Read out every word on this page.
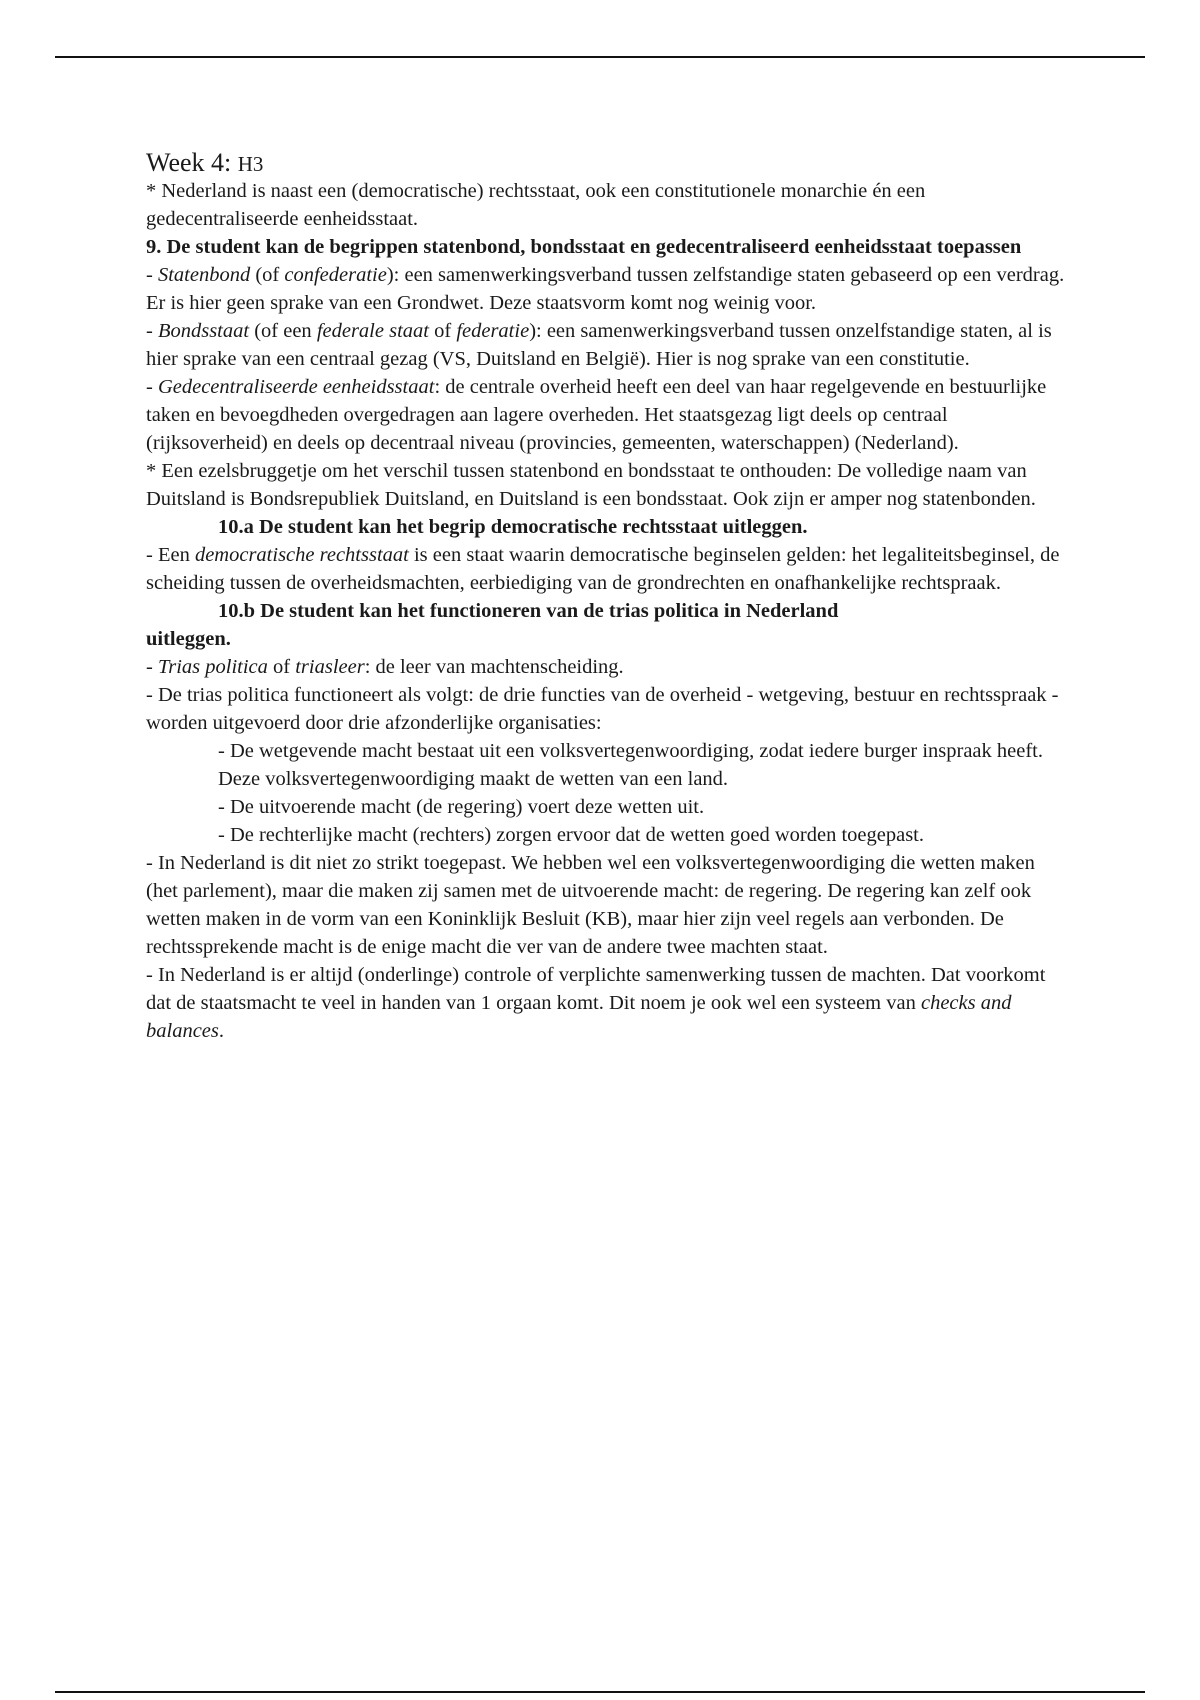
Week 4: H3

* Nederland is naast een (democratische) rechtsstaat, ook een constitutionele monarchie én een gedecentraliseerde eenheidsstaat.

9. De student kan de begrippen statenbond, bondsstaat en gedecentraliseerd eenheidsstaat toepassen

- Statenbond (of confederatie): een samenwerkingsverband tussen zelfstandige staten gebaseerd op een verdrag. Er is hier geen sprake van een Grondwet. Deze staatsvorm komt nog weinig voor.

- Bondsstaat (of een federale staat of federatie): een samenwerkingsverband tussen onzelfstandige staten, al is hier sprake van een centraal gezag (VS, Duitsland en België). Hier is nog sprake van een constitutie.

- Gedecentraliseerde eenheidsstaat: de centrale overheid heeft een deel van haar regelgevende en bestuurlijke taken en bevoegdheden overgedragen aan lagere overheden. Het staatsgezag ligt deels op centraal (rijksoverheid) en deels op decentraal niveau (provincies, gemeenten, waterschappen) (Nederland).

* Een ezelsbruggetje om het verschil tussen statenbond en bondsstaat te onthouden: De volledige naam van Duitsland is Bondsrepubliek Duitsland, en Duitsland is een bondsstaat. Ook zijn er amper nog statenbonden.

10.a De student kan het begrip democratische rechtsstaat uitleggen.

- Een democratische rechtsstaat is een staat waarin democratische beginselen gelden: het legaliteitsbeginsel, de scheiding tussen de overheidsmachten, eerbiediging van de grondrechten en onafhankelijke rechtspraak.

10.b De student kan het functioneren van de trias politica in Nederland
uitleggen.

- Trias politica of triasleer: de leer van machtenscheiding.

- De trias politica functioneert als volgt: de drie functies van de overheid - wetgeving, bestuur en rechtsspraak - worden uitgevoerd door drie afzonderlijke organisaties:

- De wetgevende macht bestaat uit een volksvertegenwoordiging, zodat iedere burger inspraak heeft. Deze volksvertegenwoordiging maakt de wetten van een land.

- De uitvoerende macht (de regering) voert deze wetten uit.

- De rechterlijke macht (rechters) zorgen ervoor dat de wetten goed worden toegepast.

- In Nederland is dit niet zo strikt toegepast. We hebben wel een volksvertegenwoordiging die wetten maken (het parlement), maar die maken zij samen met de uitvoerende macht: de regering. De regering kan zelf ook wetten maken in de vorm van een Koninklijk Besluit (KB), maar hier zijn veel regels aan verbonden. De rechtssprekende macht is de enige macht die ver van de andere twee machten staat.

- In Nederland is er altijd (onderlinge) controle of verplichte samenwerking tussen de machten. Dat voorkomt dat de staatsmacht te veel in handen van 1 orgaan komt. Dit noem je ook wel een systeem van checks and balances.
